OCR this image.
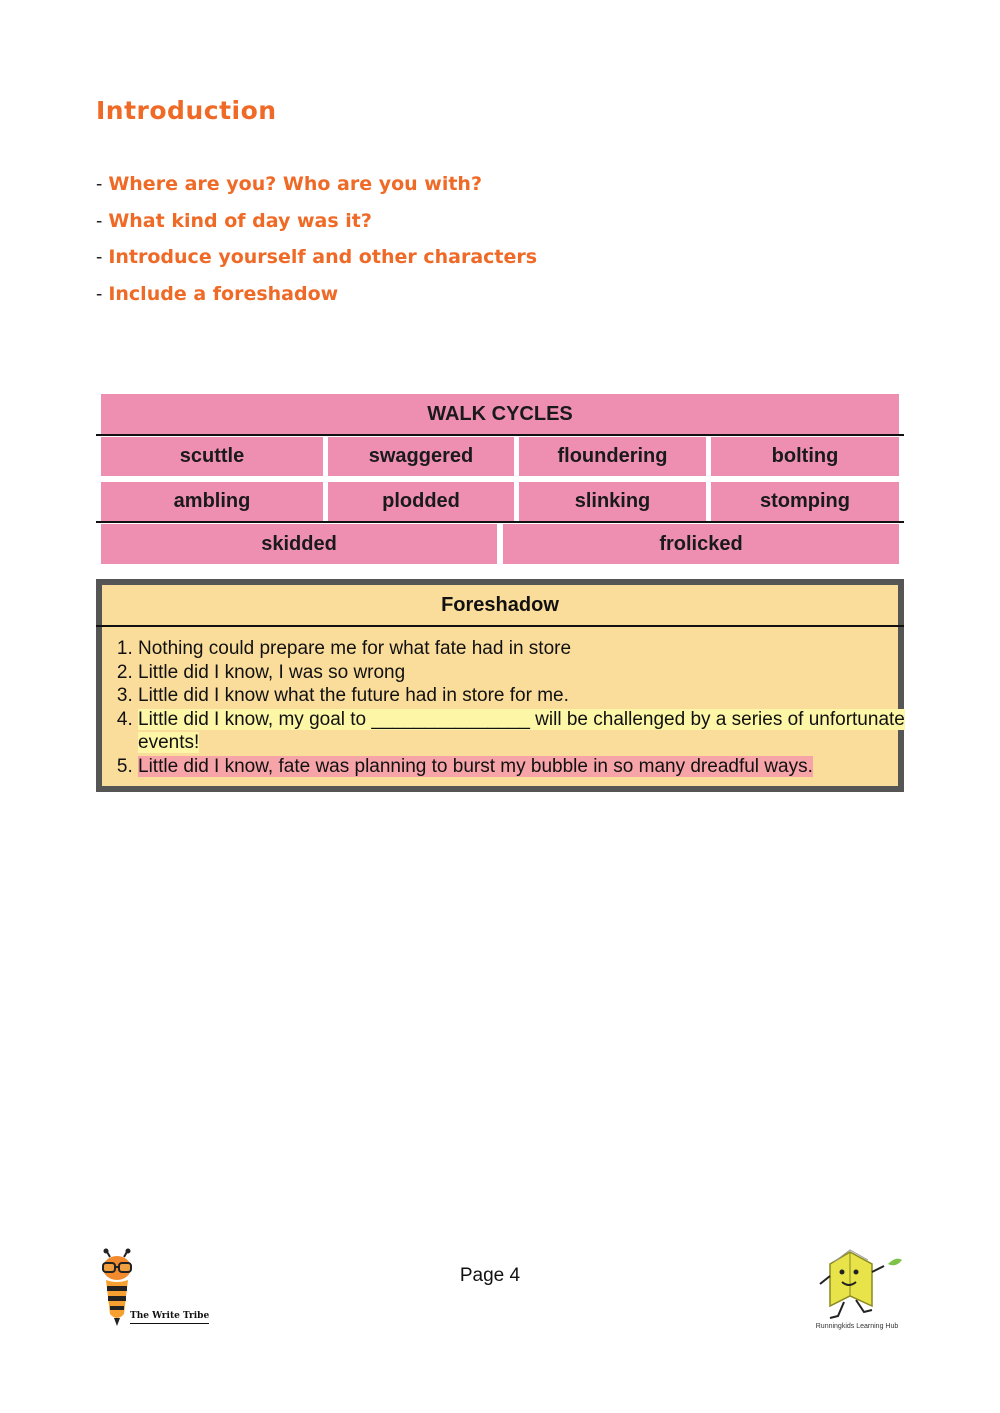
Introduction
- Where are you? Who are you with?
- What kind of day was it?
- Introduce yourself and other characters
- Include a foreshadow
WALK CYCLES
scuttle	swaggered	floundering	bolting
ambling	plodded	slinking	stomping
skidded	frolicked
Foreshadow
1. Nothing could prepare me for what fate had in store
2. Little did I know, I was so wrong
3. Little did I know what the future had in store for me.
4. Little did I know, my goal to _______________ will be challenged by a series of unfortunate events!
5. Little did I know, fate was planning to burst my bubble in so many dreadful ways.
The Write Tribe
Page 4
Runningkids Learning Hub
